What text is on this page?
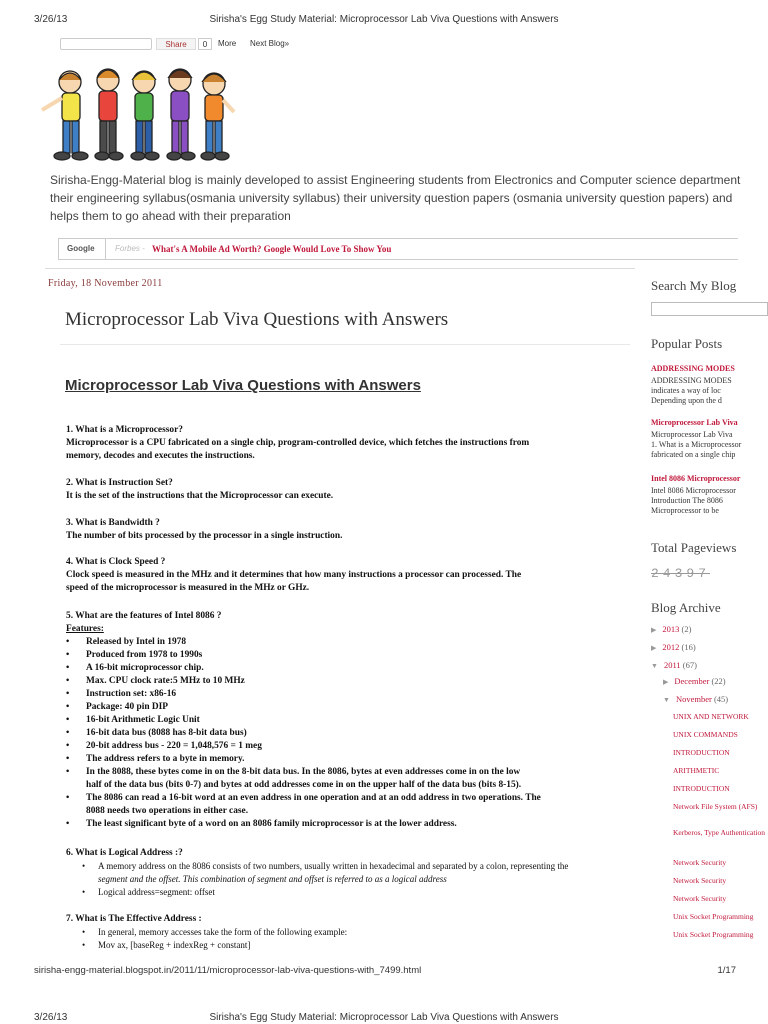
3/26/13	Sirisha's Egg Study Material: Microprocessor Lab Viva Questions with Answers
Share	0	More Next Blog»
Sirisha-Engg-Material blog is mainly developed to assist Engineering students from Electronics and Computer science department
their engineering syllabus(osmania university syllabus) their university question papers (osmania university question papers) and
helps them to go ahead with their preparation
Google	Forbes - What's A Mobile Ad Worth? Google Would Love To Show You
Friday, 18 November 2011
Microprocessor Lab Viva Questions with Answers
Microprocessor Lab Viva Questions with Answers
1. What is a Microprocessor?
Microprocessor is a CPU fabricated on a single chip, program-controlled device, which fetches the instructions from
memory, decodes and executes the instructions.
2. What is Instruction Set?
It is the set of the instructions that the Microprocessor can execute.
3. What is Bandwidth ?
The number of bits processed by the processor in a single instruction.
4. What is Clock Speed ?
Clock speed is measured in the MHz and it determines that how many instructions a processor can processed. The
speed of the microprocessor is measured in the MHz or GHz.
5. What are the features of Intel 8086 ?
Features:
• Released by Intel in 1978
• Produced from 1978 to 1990s
• A 16-bit microprocessor chip.
• Max. CPU clock rate:5 MHz to 10 MHz
• Instruction set: x86-16
• Package: 40 pin DIP
• 16-bit Arithmetic Logic Unit
• 16-bit data bus (8088 has 8-bit data bus)
• 20-bit address bus - 220 = 1,048,576 = 1 meg
• The address refers to a byte in memory.
• In the 8088, these bytes come in on the 8-bit data bus. In the 8086, bytes at even addresses come in on the low
half of the data bus (bits 0-7) and bytes at odd addresses come in on the upper half of the data bus (bits 8-15).
• The 8086 can read a 16-bit word at an even address in one operation and at an odd address in two operations. The
8088 needs two operations in either case.
• The least significant byte of a word on an 8086 family microprocessor is at the lower address.
6. What is Logical Address :?
• A memory address on the 8086 consists of two numbers, usually written in hexadecimal and separated by a colon, representing the
segment and the offset. This combination of segment and offset is referred to as a logical address
• Logical address=segment: offset
7. What is The Effective Address :
• In general, memory accesses take the form of the following example:
• Mov ax, [baseReg + indexReg + constant]
Search My Blog
Popular Posts
ADDRESSING MODES
ADDRESSING MODES
indicates a way of loc
Depending upon the d
Microprocessor Lab Viva
Microprocessor Lab Viva
1. What is a Microprocessor
fabricated on a single chip
Intel 8086 Microprocessor
Intel 8086 Microprocessor
Introduction The 8086
Microprocessor to be
Total Pageviews
24397
Blog Archive
▶ 2013 (2)
▶ 2012 (16)
▼ 2011 (67)
▶ December (22)
▼ November (45)
UNIX AND NETWORK
UNIX COMMANDS
INTRODUCTION
ARITHMETIC
INTRODUCTION
Network File System (AFS)
Kerberos, Type Authentication
Network Security
Network Security
Network Security
Unix Socket Programming
Unix Socket Programming
sirisha-engg-material.blogspot.in/2011/11/microprocessor-lab-viva-questions-with_7499.html	1/17
3/26/13	Sirisha's Egg Study Material: Microprocessor Lab Viva Questions with Answers
